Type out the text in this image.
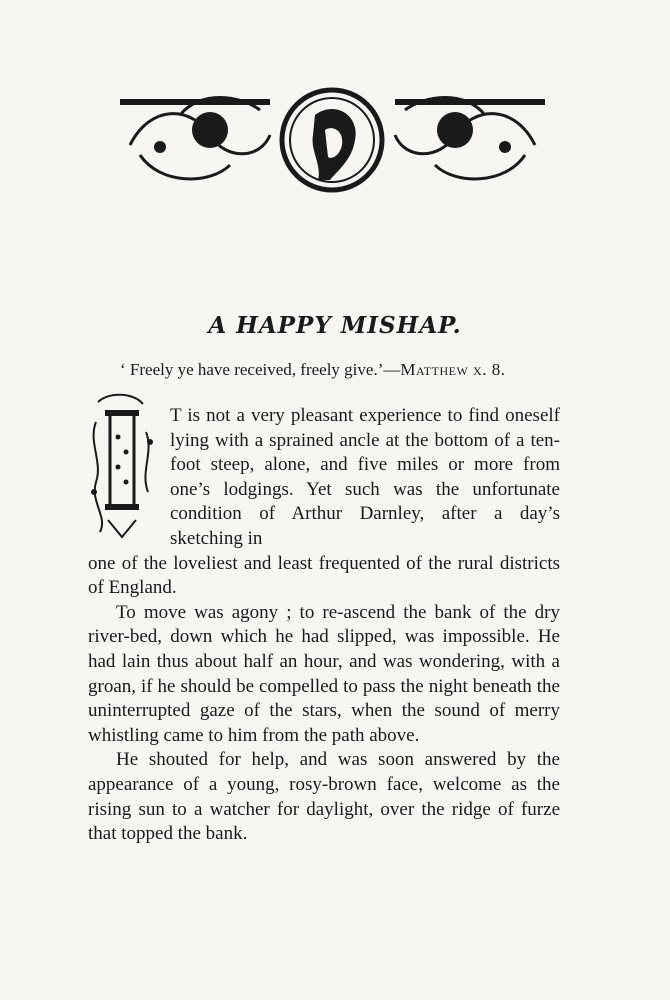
A HAPPY MISHAP.
‘ Freely ye have received, freely give.’—Matthew x. 8.
I

T is not a very pleasant experience to find oneself lying with a sprained ancle at the bottom of a ten-foot steep, alone, and five miles or more from one’s lodgings. Yet such was the unfortunate condition of Arthur Darnley, after a day’s sketching in

one of the loveliest and least frequented of the rural districts of England.

To move was agony ; to re-ascend the bank of the dry river-bed, down which he had slipped, was impossible. He had lain thus about half an hour, and was wondering, with a groan, if he should be compelled to pass the night beneath the uninterrupted gaze of the stars, when the sound of merry whistling came to him from the path above.

He shouted for help, and was soon answered by the appearance of a young, rosy-brown face, welcome as the rising sun to a watcher for daylight, over the ridge of furze that topped the bank.
